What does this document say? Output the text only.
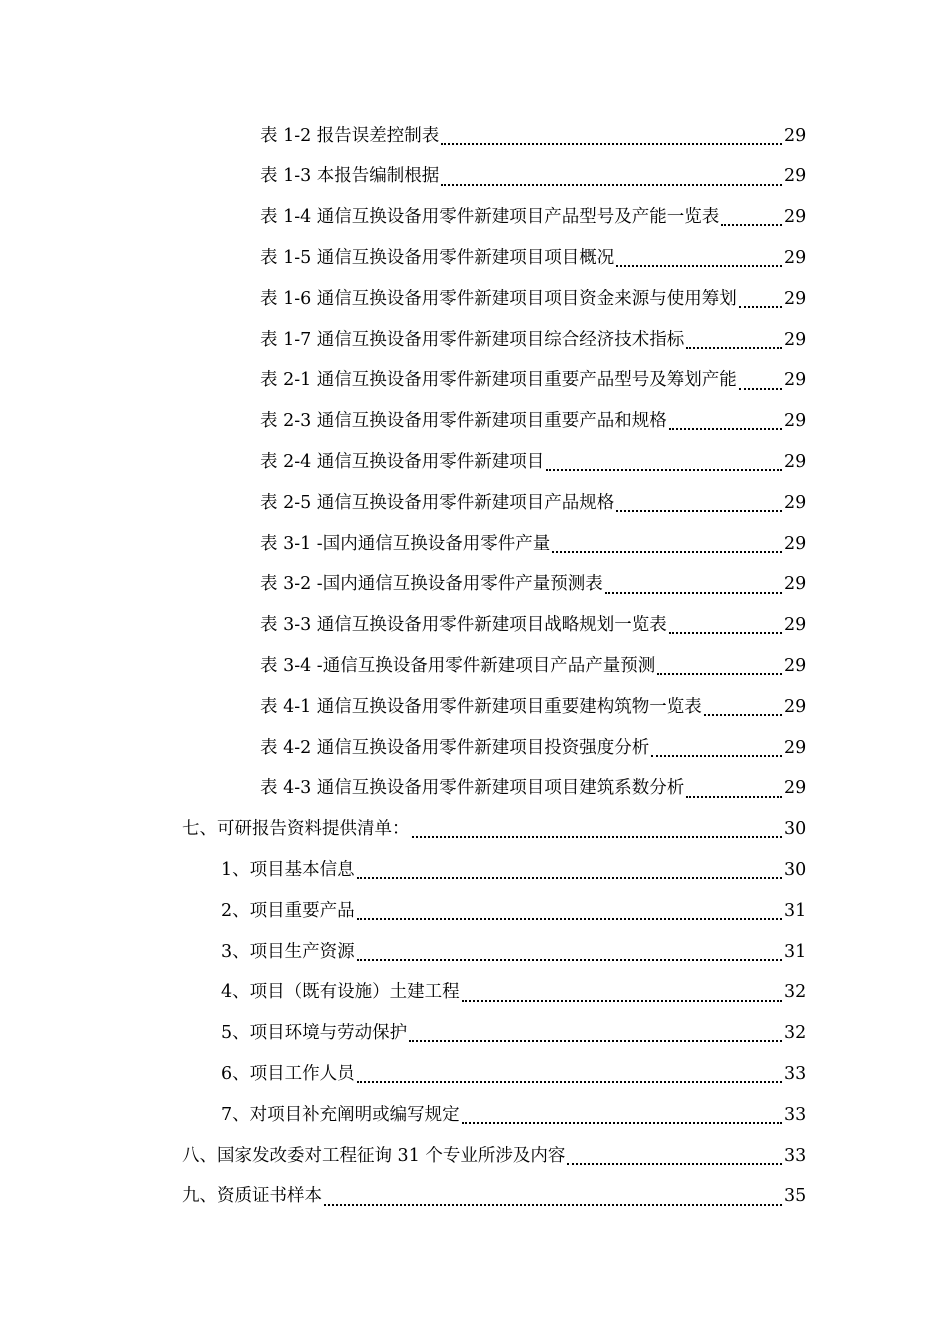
表 1-2 报告误差控制表	29
表 1-3 本报告编制根据	29
表 1-4 通信互换设备用零件新建项目产品型号及产能一览表	29
表 1-5 通信互换设备用零件新建项目项目概况	29
表 1-6 通信互换设备用零件新建项目项目资金来源与使用筹划	29
表 1-7 通信互换设备用零件新建项目综合经济技术指标	29
表 2-1 通信互换设备用零件新建项目重要产品型号及筹划产能	29
表 2-3 通信互换设备用零件新建项目重要产品和规格	29
表 2-4 通信互换设备用零件新建项目	29
表 2-5 通信互换设备用零件新建项目产品规格	29
表 3-1 -国内通信互换设备用零件产量	29
表 3-2 -国内通信互换设备用零件产量预测表	29
表 3-3 通信互换设备用零件新建项目战略规划一览表	29
表 3-4 -通信互换设备用零件新建项目产品产量预测	29
表 4-1 通信互换设备用零件新建项目重要建构筑物一览表	29
表 4-2 通信互换设备用零件新建项目投资强度分析	29
表 4-3 通信互换设备用零件新建项目项目建筑系数分析	29
七、可研报告资料提供清单：	30
1、项目基本信息	30
2、项目重要产品	31
3、项目生产资源	31
4、项目（既有设施）土建工程	32
5、项目环境与劳动保护	32
6、项目工作人员	33
7、对项目补充阐明或编写规定	33
八、国家发改委对工程征询 31 个专业所涉及内容	33
九、资质证书样本	35
